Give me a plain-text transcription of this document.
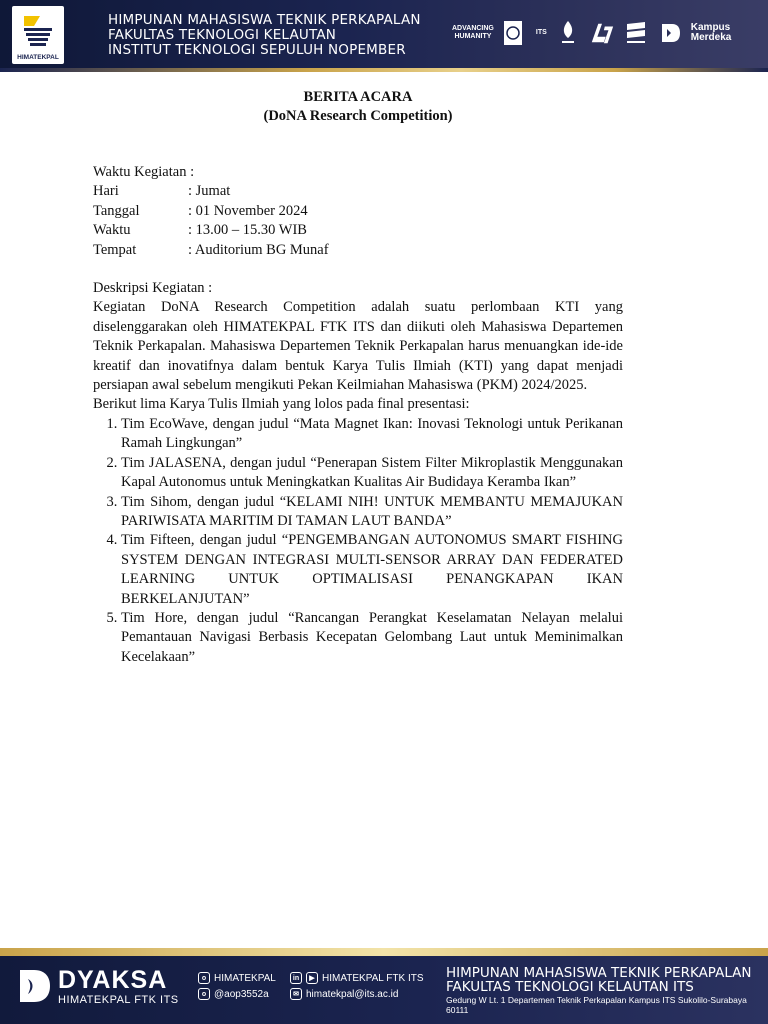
HIMATEKPAL
HIMPUNAN MAHASISWA TEKNIK PERKAPALAN
FAKULTAS TEKNOLOGI KELAUTAN
INSTITUT TEKNOLOGI SEPULUH NOPEMBER
ADVANCING
HUMANITY
ITS	Kampus
Merdeka
BERITA ACARA
(DoNA Research Competition)
Waktu Kegiatan :
Hari	: Jumat
Tanggal	: 01 November 2024
Waktu	: 13.00 – 15.30 WIB
Tempat	: Auditorium BG Munaf
Deskripsi Kegiatan :
Kegiatan DoNA Research Competition adalah suatu perlombaan KTI yang diselenggarakan oleh HIMATEKPAL FTK ITS dan diikuti oleh Mahasiswa Departemen Teknik Perkapalan. Mahasiswa Departemen Teknik Perkapalan harus menuangkan ide-ide kreatif dan inovatifnya dalam bentuk Karya Tulis Ilmiah (KTI) yang dapat menjadi persiapan awal sebelum mengikuti Pekan Keilmiahan Mahasiswa (PKM) 2024/2025.
Berikut lima Karya Tulis Ilmiah yang lolos pada final presentasi:
1. Tim EcoWave, dengan judul “Mata Magnet Ikan: Inovasi Teknologi untuk Perikanan Ramah Lingkungan”
2. Tim JALASENA, dengan judul “Penerapan Sistem Filter Mikroplastik Menggunakan Kapal Autonomus untuk Meningkatkan Kualitas Air Budidaya Keramba Ikan”
3. Tim Sihom, dengan judul “KELAMI NIH! UNTUK MEMBANTU MEMAJUKAN PARIWISATA MARITIM DI TAMAN LAUT BANDA”
4. Tim Fifteen, dengan judul “PENGEMBANGAN AUTONOMUS SMART FISHING SYSTEM DENGAN INTEGRASI MULTI-SENSOR ARRAY DAN FEDERATED LEARNING UNTUK OPTIMALISASI PENANGKAPAN IKAN BERKELANJUTAN”
5. Tim Hore, dengan judul “Rancangan Perangkat Keselamatan Nelayan melalui Pemantauan Navigasi Berbasis Kecepatan Gelombang Laut untuk Meminimalkan Kecelakaan”
DYAKSA
HIMATEKPAL FTK ITS
o HIMATEKPAL
o @aop3552a
in	▶ HIMATEKPAL FTK ITS
✉ himatekpal@its.ac.id
HIMPUNAN MAHASISWA TEKNIK PERKAPALAN
FAKULTAS TEKNOLOGI KELAUTAN ITS
Gedung W Lt. 1 Departemen Teknik Perkapalan Kampus ITS Sukolilo-Surabaya 60111
